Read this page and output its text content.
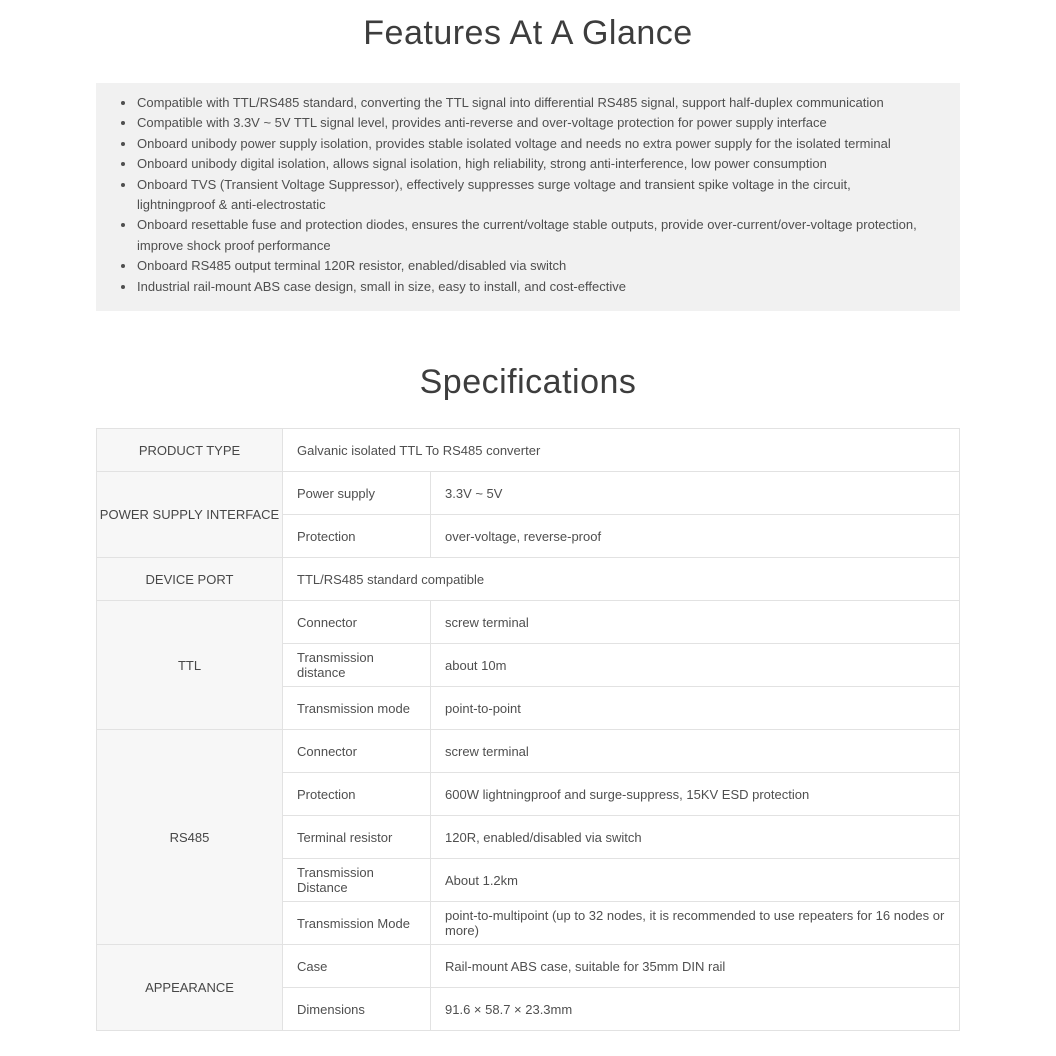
Features At A Glance
• Compatible with TTL/RS485 standard, converting the TTL signal into differential RS485 signal, support half-duplex communication
• Compatible with 3.3V ~ 5V TTL signal level, provides anti-reverse and over-voltage protection for power supply interface
• Onboard unibody power supply isolation, provides stable isolated voltage and needs no extra power supply for the isolated terminal
• Onboard unibody digital isolation, allows signal isolation, high reliability, strong anti-interference, low power consumption
• Onboard TVS (Transient Voltage Suppressor), effectively suppresses surge voltage and transient spike voltage in the circuit, lightningproof & anti-electrostatic
• Onboard resettable fuse and protection diodes, ensures the current/voltage stable outputs, provide over-current/over-voltage protection, improve shock proof performance
• Onboard RS485 output terminal 120R resistor, enabled/disabled via switch
• Industrial rail-mount ABS case design, small in size, easy to install, and cost-effective
Specifications
PRODUCT TYPE	Galvanic isolated TTL To RS485 converter	
POWER SUPPLY INTERFACE	Power supply	3.3V ~ 5V
	Protection	over-voltage, reverse-proof
DEVICE PORT	TTL/RS485 standard compatible	
TTL	Connector	screw terminal
	Transmission distance	about 10m
	Transmission mode	point-to-point
RS485	Connector	screw terminal
	Protection	600W lightningproof and surge-suppress, 15KV ESD protection
	Terminal resistor	120R, enabled/disabled via switch
	Transmission Distance	About 1.2km
	Transmission Mode	point-to-multipoint (up to 32 nodes, it is recommended to use repeaters for 16 nodes or more)
APPEARANCE	Case	Rail-mount ABS case, suitable for 35mm DIN rail
	Dimensions	91.6 × 58.7 × 23.3mm
